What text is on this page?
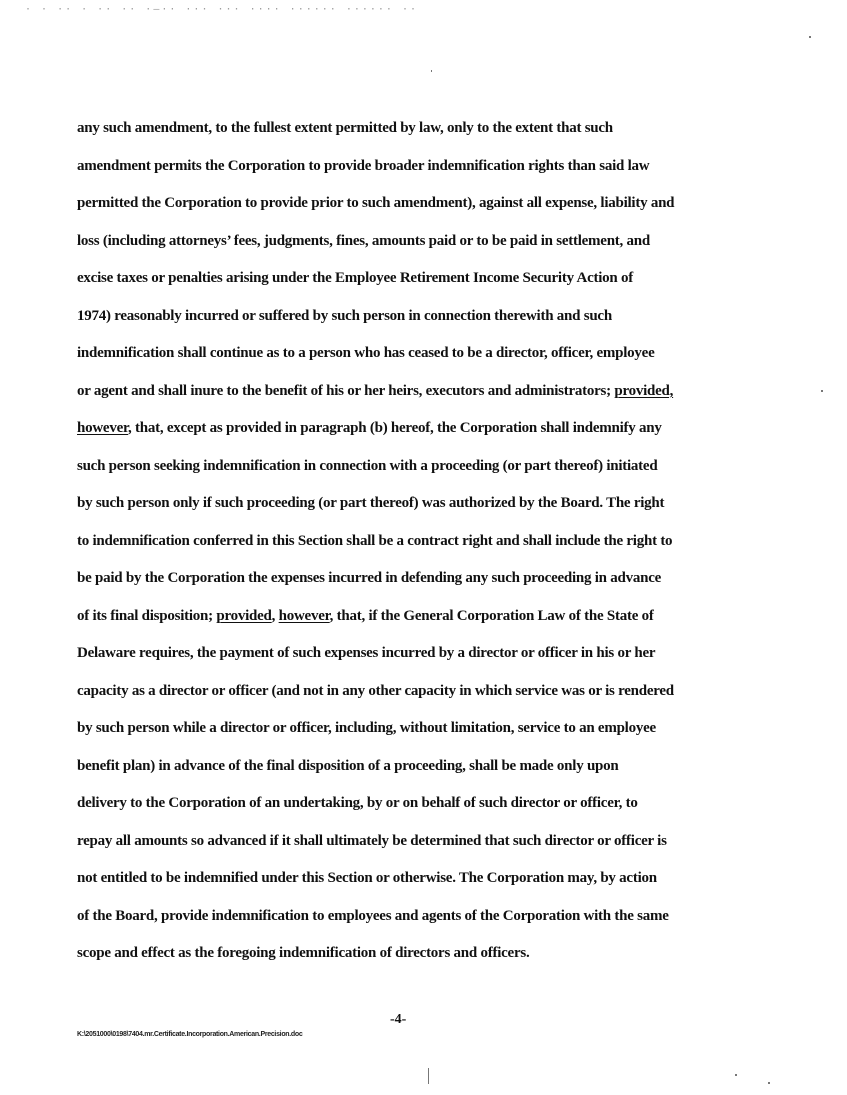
· · ·· · ·· ·· ·‒·· ··· ··· ···· ······ ······ ··
any such amendment, to the fullest extent permitted by law, only to the extent that such
amendment permits the Corporation to provide broader indemnification rights than said law
permitted the Corporation to provide prior to such amendment), against all expense, liability and
loss (including attorneys’ fees, judgments, fines, amounts paid or to be paid in settlement, and
excise taxes or penalties arising under the Employee Retirement Income Security Action of
1974) reasonably incurred or suffered by such person in connection therewith and such
indemnification shall continue as to a person who has ceased to be a director, officer, employee
or agent and shall inure to the benefit of his or her heirs, executors and administrators; provided,
however, that, except as provided in paragraph (b) hereof, the Corporation shall indemnify any
such person seeking indemnification in connection with a proceeding (or part thereof) initiated
by such person only if such proceeding (or part thereof) was authorized by the Board. The right
to indemnification conferred in this Section shall be a contract right and shall include the right to
be paid by the Corporation the expenses incurred in defending any such proceeding in advance
of its final disposition; provided, however, that, if the General Corporation Law of the State of
Delaware requires, the payment of such expenses incurred by a director or officer in his or her
capacity as a director or officer (and not in any other capacity in which service was or is rendered
by such person while a director or officer, including, without limitation, service to an employee
benefit plan) in advance of the final disposition of a proceeding, shall be made only upon
delivery to the Corporation of an undertaking, by or on behalf of such director or officer, to
repay all amounts so advanced if it shall ultimately be determined that such director or officer is
not entitled to be indemnified under this Section or otherwise. The Corporation may, by action
of the Board, provide indemnification to employees and agents of the Corporation with the same
scope and effect as the foregoing indemnification of directors and officers.
-4-
K:\2051000\0198\7404.mr.Certificate.Incorporation.American.Precision.doc
